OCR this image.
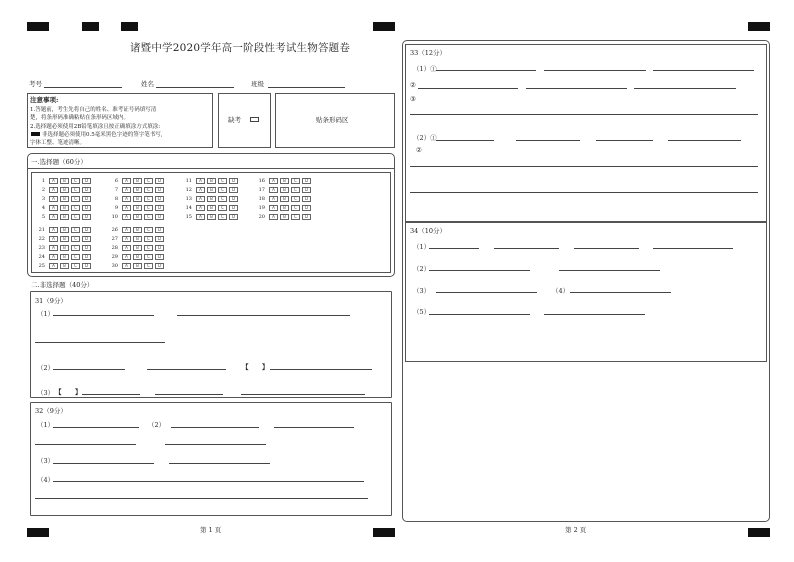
诸暨中学2020学年高一阶段性考试生物答题卷
考号	姓名	班级
注意事项:
1.答题前，考生先将自己的姓名、准考证号码填写清
楚，将条形码准确粘贴在条形码区域内。
2.选择题必须使用2B铅笔填涂且按正确填涂方式填涂:
非选择题必须使用0.5毫米黑色字迹的签字笔书写,
字体工整、笔迹清晰。
缺考	贴条形码区
一.选择题（60分）
1	A	B	C	D
2	A	B	C	D
3	A	B	C	D
4	A	B	C	D
5	A	B	C	D
6	A	B	C	D
7	A	B	C	D
8	A	B	C	D
9	A	B	C	D
10	A	B	C	D
11	A	B	C	D
12	A	B	C	D
13	A	B	C	D
14	A	B	C	D
15	A	B	C	D
16	A	B	C	D
17	A	B	C	D
18	A	B	C	D
19	A	B	C	D
20	A	B	C	D
21	A	B	C	D
22	A	B	C	D
23	A	B	C	D
24	A	B	C	D
25	A	B	C	D
26	A	B	C	D
27	A	B	C	D
28	A	B	C	D
29	A	B	C	D
30	A	B	C	D
二.非选择题（40分）
31（9分）
（1）
（2）	【 】
（3） 【 】
32（9分）
（1）	（2）
（3）
（4）
第 1 页
33（12分）
（1）①
②
③
（2）①
②
34（10分）
（1）
（2）
（3）	（4）
（5）
第 2 页
